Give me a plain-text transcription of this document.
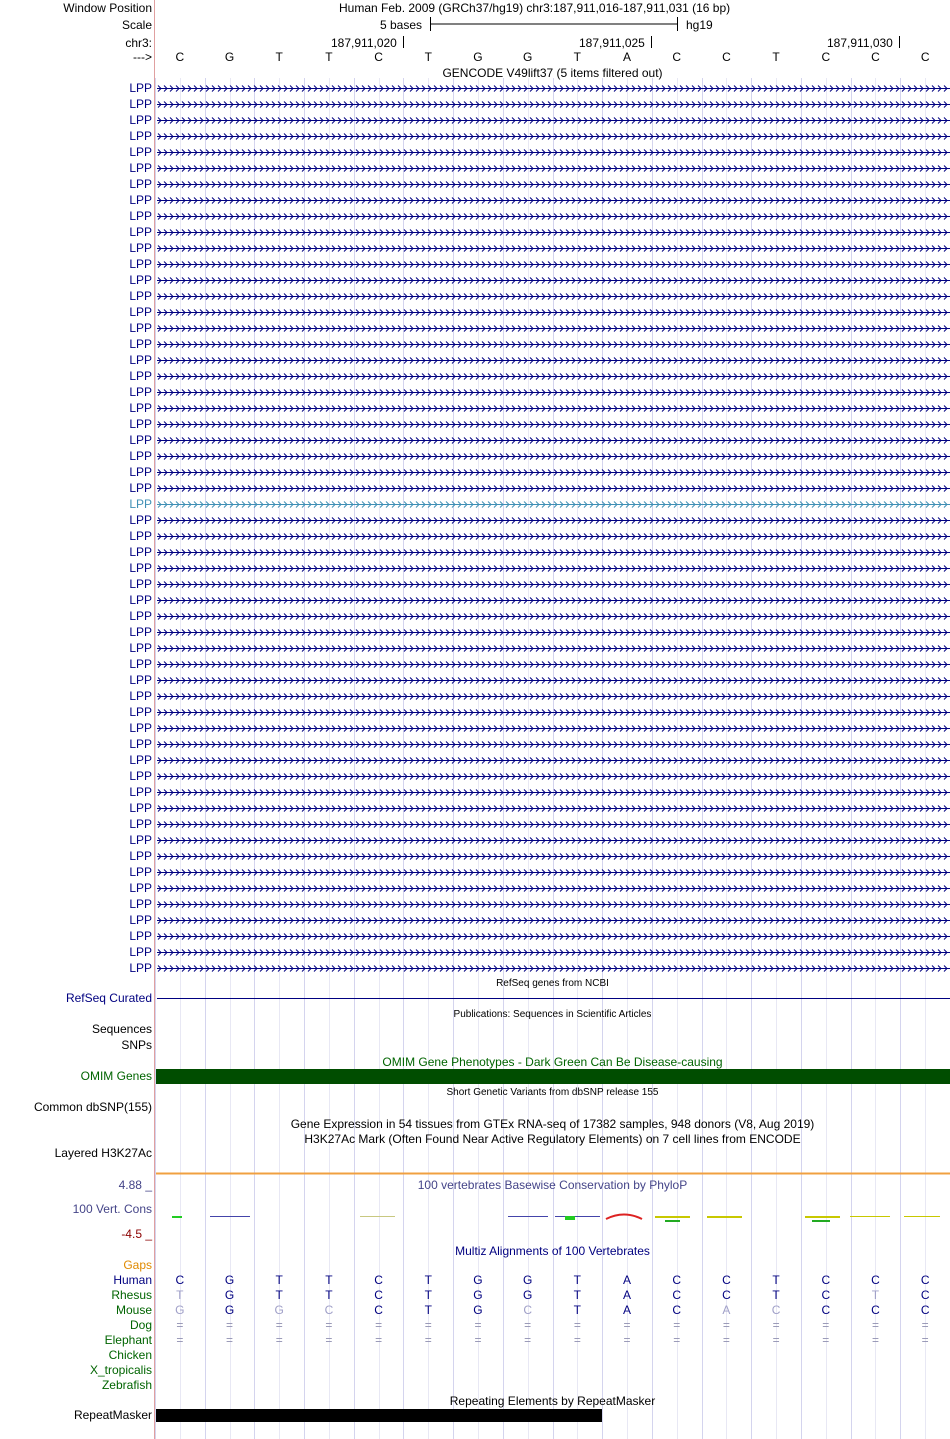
Window Position	Human Feb. 2009 (GRCh37/hg19) chr3:187,911,016-187,911,031 (16 bp)
Scale	5 bases	hg19
chr3:	187,911,020	187,911,025	187,911,030
--->	C	G	T	T	C	T	G	G	T	A	C	C	T	C	C	C
GENCODE V49lift37 (5 items filtered out)
LPP
LPP
LPP
LPP
LPP
LPP
LPP
LPP
LPP
LPP
LPP
LPP
LPP
LPP
LPP
LPP
LPP
LPP
LPP
LPP
LPP
LPP
LPP
LPP
LPP
LPP
LPP
LPP
LPP
LPP
LPP
LPP
LPP
LPP
LPP
LPP
LPP
LPP
LPP
LPP
LPP
LPP
LPP
LPP
LPP
LPP
LPP
LPP
LPP
LPP
LPP
LPP
LPP
LPP
LPP
LPP
RefSeq genes from NCBI
RefSeq Curated
Publications: Sequences in Scientific Articles
Sequences
SNPs
OMIM Gene Phenotypes - Dark Green Can Be Disease-causing
OMIM Genes
Short Genetic Variants from dbSNP release 155
Common dbSNP(155)
Gene Expression in 54 tissues from GTEx RNA-seq of 17382 samples, 948 donors (V8, Aug 2019)
H3K27Ac Mark (Often Found Near Active Regulatory Elements) on 7 cell lines from ENCODE
Layered H3K27Ac
4.88 _	100 vertebrates Basewise Conservation by PhyloP
100 Vert. Cons
-4.5 _
Multiz Alignments of 100 Vertebrates
Gaps
Human	C	G	T	T	C	T	G	G	T	A	C	C	T	C	C	C
Rhesus	T	G	T	T	C	T	G	G	T	A	C	C	T	C	T	C
Mouse	G	G	G	C	C	T	G	C	T	A	C	A	C	C	C	C
Dog	=	=	=	=	=	=	=	=	=	=	=	=	=	=	=	=
Elephant	=	=	=	=	=	=	=	=	=	=	=	=	=	=	=	=
Chicken
X_tropicalis
Zebrafish
Repeating Elements by RepeatMasker
RepeatMasker
